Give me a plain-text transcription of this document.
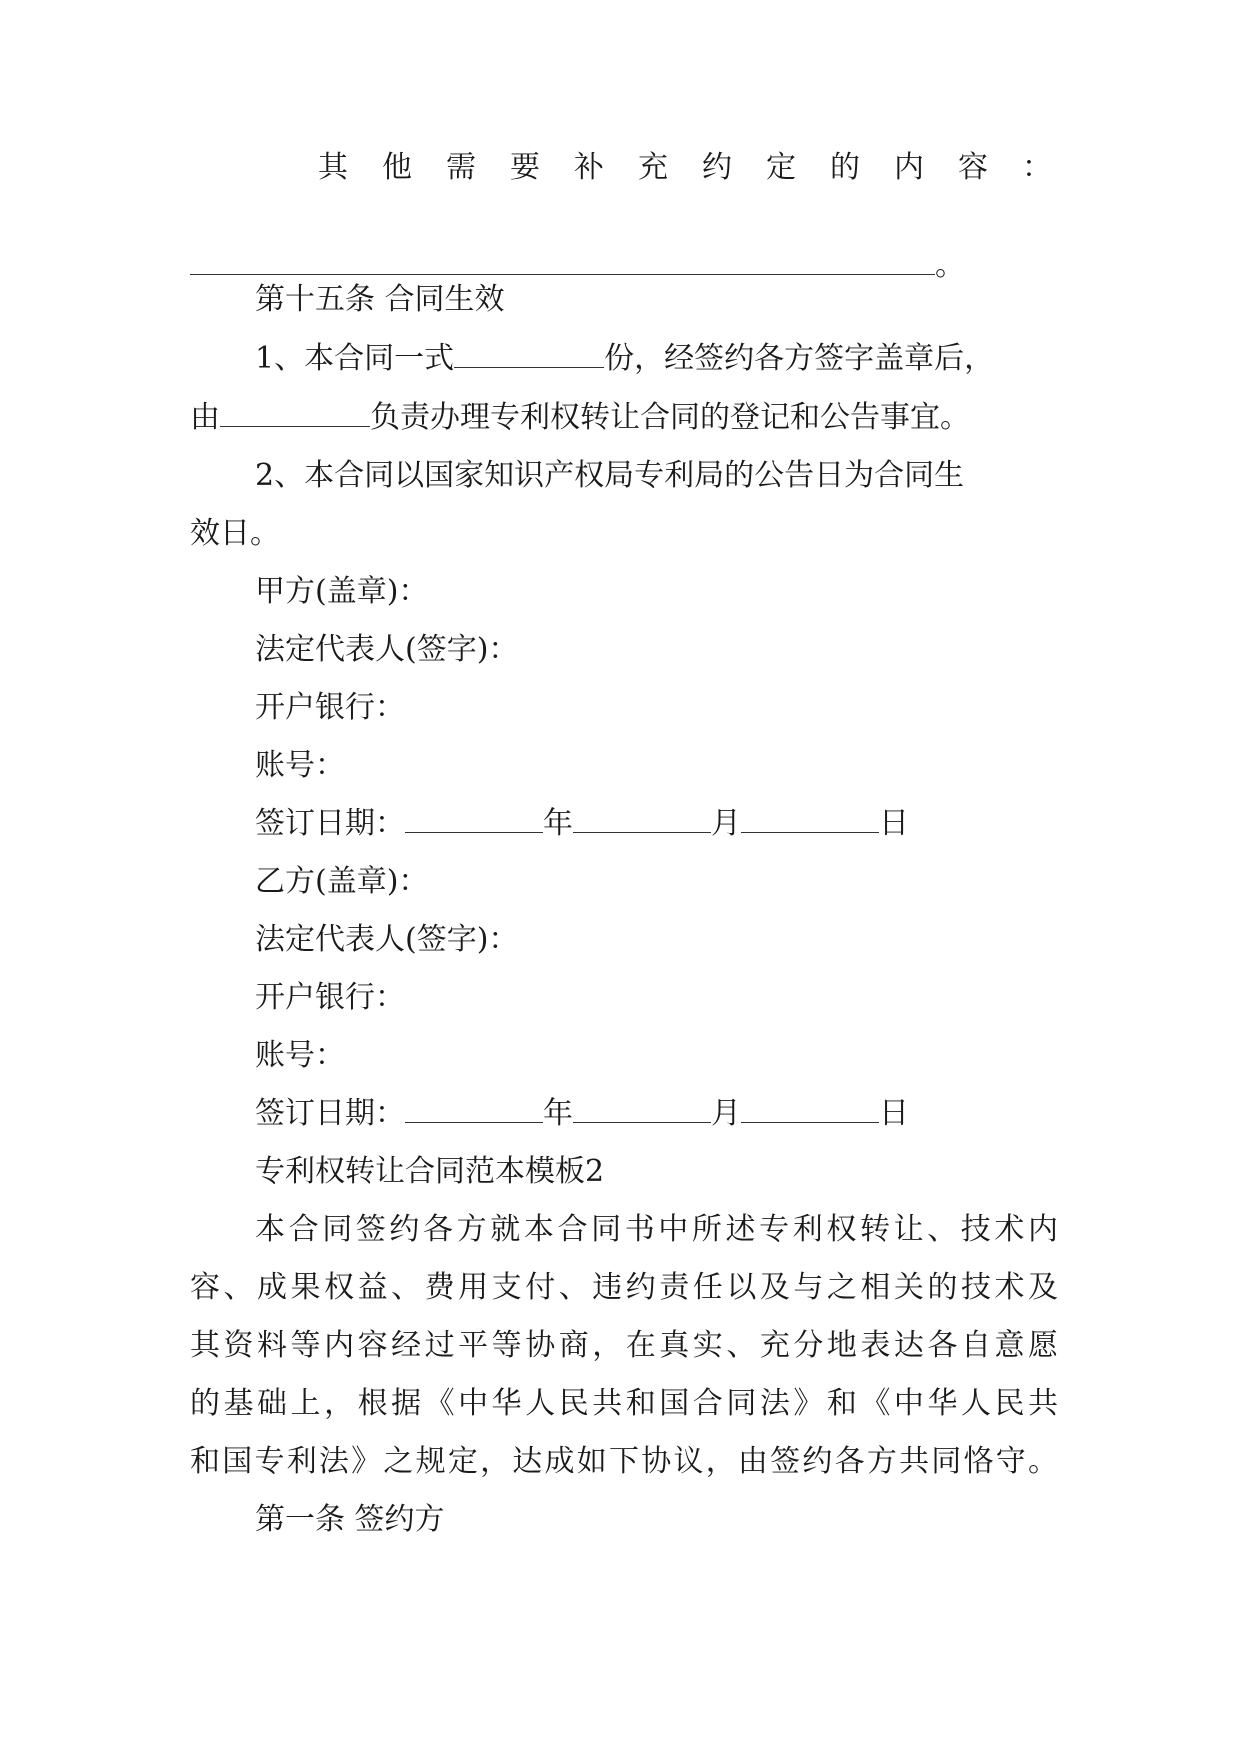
其 他 需 要 补 充 约 定 的 内 容 ：
。
第十五条 合同生效
1、本合同一式	份，经签约各方签字盖章后，
由	负责办理专利权转让合同的登记和公告事宜。
2、本合同以国家知识产权局专利局的公告日为合同生
效日。
甲方(盖章)：
法定代表人(签字)：
开户银行：
账号：
签订日期：	年	月	日
乙方(盖章)：
法定代表人(签字)：
开户银行：
账号：
签订日期：	年	月	日
专利权转让合同范本模板2
本合同签约各方就本合同书中所述专利权转让、技术内
容、成果权益、费用支付、违约责任以及与之相关的技术及
其资料等内容经过平等协商，在真实、充分地表达各自意愿
的基础上，根据《中华人民共和国合同法》和《中华人民共
和国专利法》之规定，达成如下协议，由签约各方共同恪守。
第一条 签约方
